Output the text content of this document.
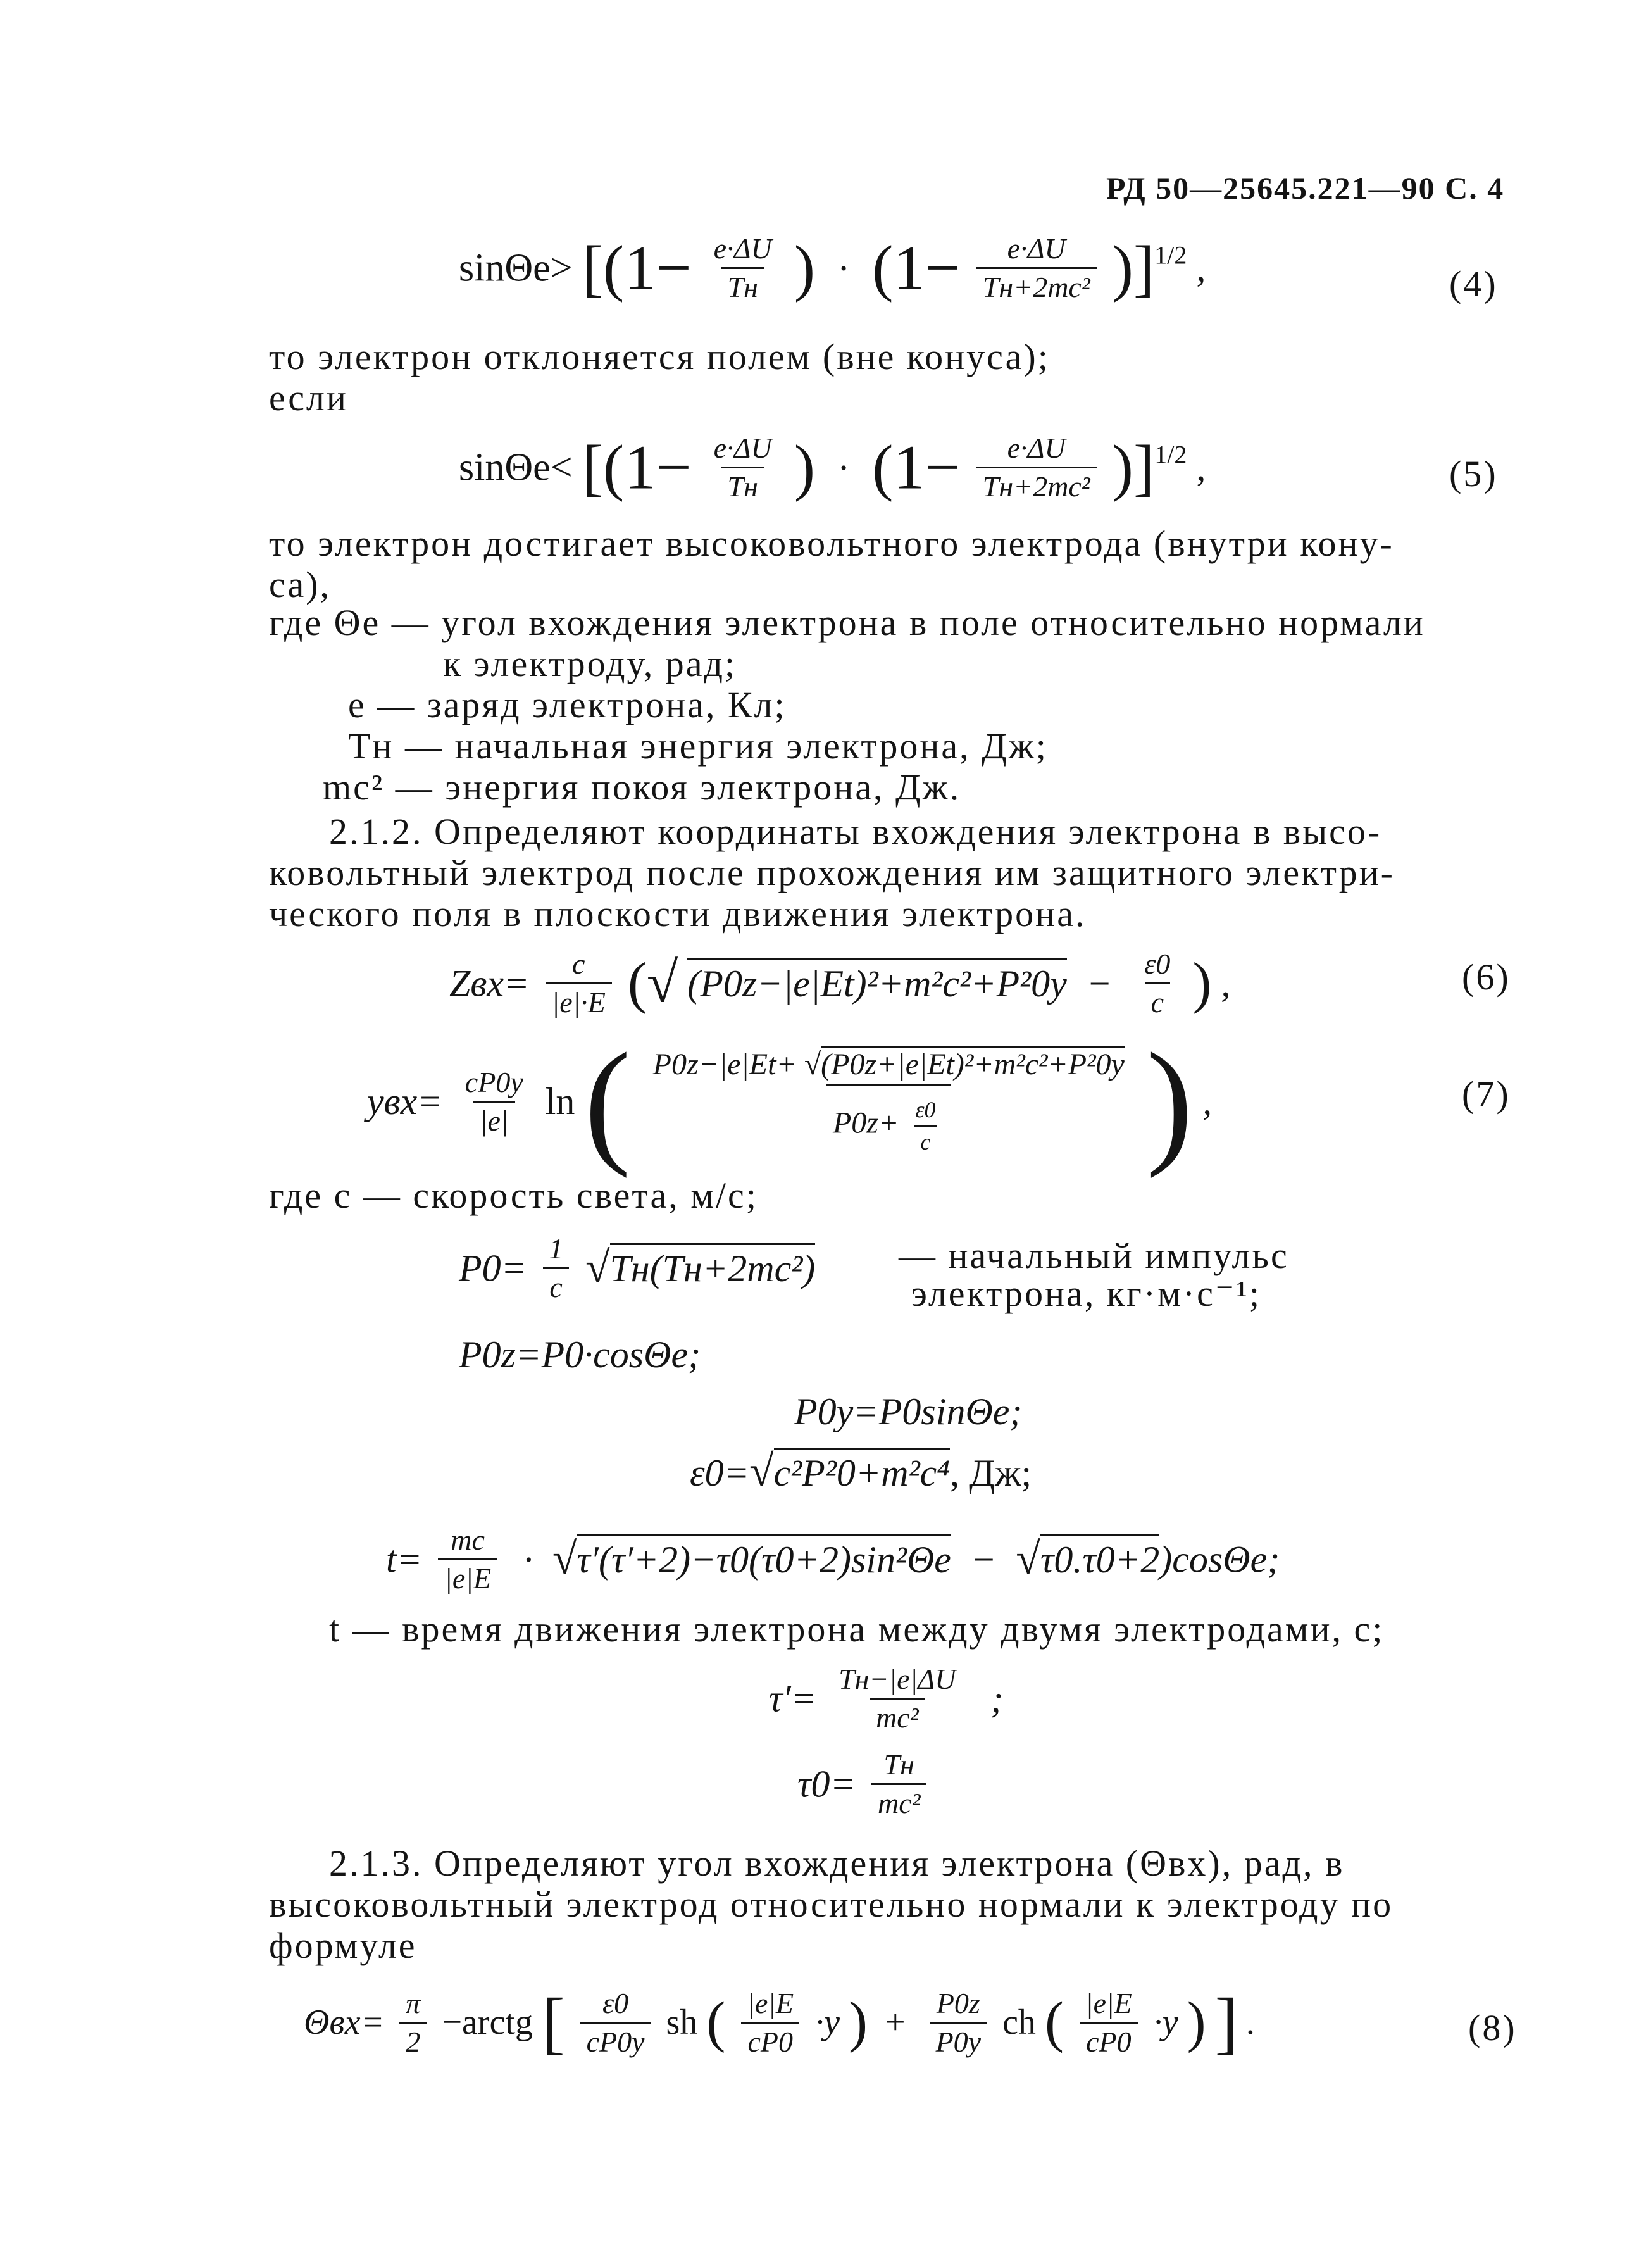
РД 50—25645.221—90 С. 4
$\sin\Theta e> [(1- \frac{e\cdot\Delta U}{Tн}$ ) · $(1- \frac{e\cdot\Delta U}{\text{Tн+2mc²}} )]^{1/2}$ ,	(4)
то электрон отклоняется полем (вне конуса);
если
$\sin\Theta e< [(1- \frac{e\cdot\Delta U}{Tн}$ ) · $(1- \frac{e\cdot\Delta U}{\text{Tн+2mc²}} )]^{1/2}$ ,	(5)
то электрон достигает высоковольтного электрода (внутри кону-
са),
где Θe — угол вхождения электрона в поле относительно нормали
к электроду, рад;
e — заряд электрона, Кл;
Tн — начальная энергия электрона, Дж;
mc² — энергия покоя электрона, Дж.
2.1.2. Определяют координаты вхождения электрона в высо-
ковольтный электрод после прохождения им защитного электри-
ческого поля в плоскости движения электрона.
$Zвх= \frac{c}{|e|\cdot E}$ (√ $(P0z-|e|Et)^2+m^2c^2+P^20y - \frac{\varepsilon 0}{c}$ ) ,	(6)
$yвх= \frac{cP0y}{|e|}$ ln ( $\frac{\text{P0z−|e|Et+ √(P0z+|e|Et)²+m²c²+P²0y}}{P0z+ \frac{\varepsilon 0}{c}}$ ) ,	(7)
где c — скорость света, м/с;
$P0= \frac{1}{c} √Tн(Tн+2mc^2)$ — начальный импульс
электрона, кг·м·с⁻¹;
P0z=P0·cosΘe;
P0y=P0sinΘe;
ε0=√c²P²0+m²c⁴, Дж;
$t= \frac{mc}{|e|E} \cdot √\tau'(\tau'+2)-\tau 0(\tau 0+2)\sin^2\Theta e - √\tau 0.\tau 0+2)\cos\Theta e$;
t — время движения электрона между двумя электродами, с;
$\tau'= \frac{Tн-|e|\Delta U}{\text{mc²}}$ ;
$\tau 0= \frac{Tн}{\text{mc²}}$
2.1.3. Определяют угол вхождения электрона (Θвх), рад, в
высоковольтный электрод относительно нормали к электроду по
формуле
$\Theta вх= \frac{\pi}{2}$ −arctg [ $\frac{\varepsilon 0}{cP0y}$ sh ( $\frac{|e|E}{cP0} \cdot y$ ) + $\frac{P0z}{P0y}$ ch ( $\frac{|e|E}{cP0} \cdot y$ ) ] .	(8)
